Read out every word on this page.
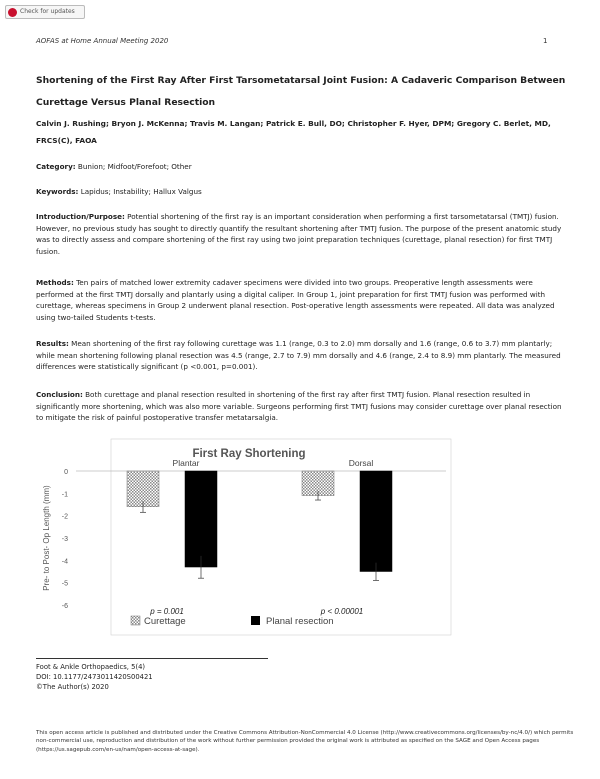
Check for updates
AOFAS at Home Annual Meeting 2020	1
Shortening of the First Ray After First Tarsometatarsal Joint Fusion: A Cadaveric Comparison Between Curettage Versus Planal Resection
Calvin J. Rushing; Bryon J. McKenna; Travis M. Langan; Patrick E. Bull, DO; Christopher F. Hyer, DPM; Gregory C. Berlet, MD, FRCS(C), FAOA
Category: Bunion; Midfoot/Forefoot; Other
Keywords: Lapidus; Instability; Hallux Valgus
Introduction/Purpose: Potential shortening of the first ray is an important consideration when performing a first tarsometatarsal (TMTJ) fusion. However, no previous study has sought to directly quantify the resultant shortening after TMTJ fusion. The purpose of the present anatomic study was to directly assess and compare shortening of the first ray using two joint preparation techniques (curettage, planal resection) for first TMTJ fusion.
Methods: Ten pairs of matched lower extremity cadaver specimens were divided into two groups. Preoperative length assessments were performed at the first TMTJ dorsally and plantarly using a digital caliper. In Group 1, joint preparation for first TMTJ fusion was performed with curettage, whereas specimens in Group 2 underwent planal resection. Post-operative length assessments were repeated. All data was analyzed using two-tailed Students t-tests.
Results: Mean shortening of the first ray following curettage was 1.1 (range, 0.3 to 2.0) mm dorsally and 1.6 (range, 0.6 to 3.7) mm plantarly; while mean shortening following planal resection was 4.5 (range, 2.7 to 7.9) mm dorsally and 4.6 (range, 2.4 to 8.9) mm plantarly. The measured differences were statistically significant (p <0.001, p=0.001).
Conclusion: Both curettage and planal resection resulted in shortening of the first ray after first TMTJ fusion. Planal resection resulted in significantly more shortening, which was also more variable. Surgeons performing first TMTJ fusions may consider curettage over planal resection to mitigate the risk of painful postoperative transfer metatarsalgia.
First Ray Shortening
Pre- to Post- Op Length (mm)
0
-1
-2
-3
-4
-5
-6
Plantar
p = 0.001
Dorsal
p < 0.00001
Curettage	Planal resection
Foot & Ankle Orthopaedics, 5(4)
DOI: 10.1177/2473011420S00421
©The Author(s) 2020
This open access article is published and distributed under the Creative Commons Attribution-NonCommercial 4.0 License (http://www.creativecommons.org/licenses/by-nc/4.0/) which permits non-commercial use, reproduction and distribution of the work without further permission provided the original work is attributed as specified on the SAGE and Open Access pages (https://us.sagepub.com/en-us/nam/open-access-at-sage).
